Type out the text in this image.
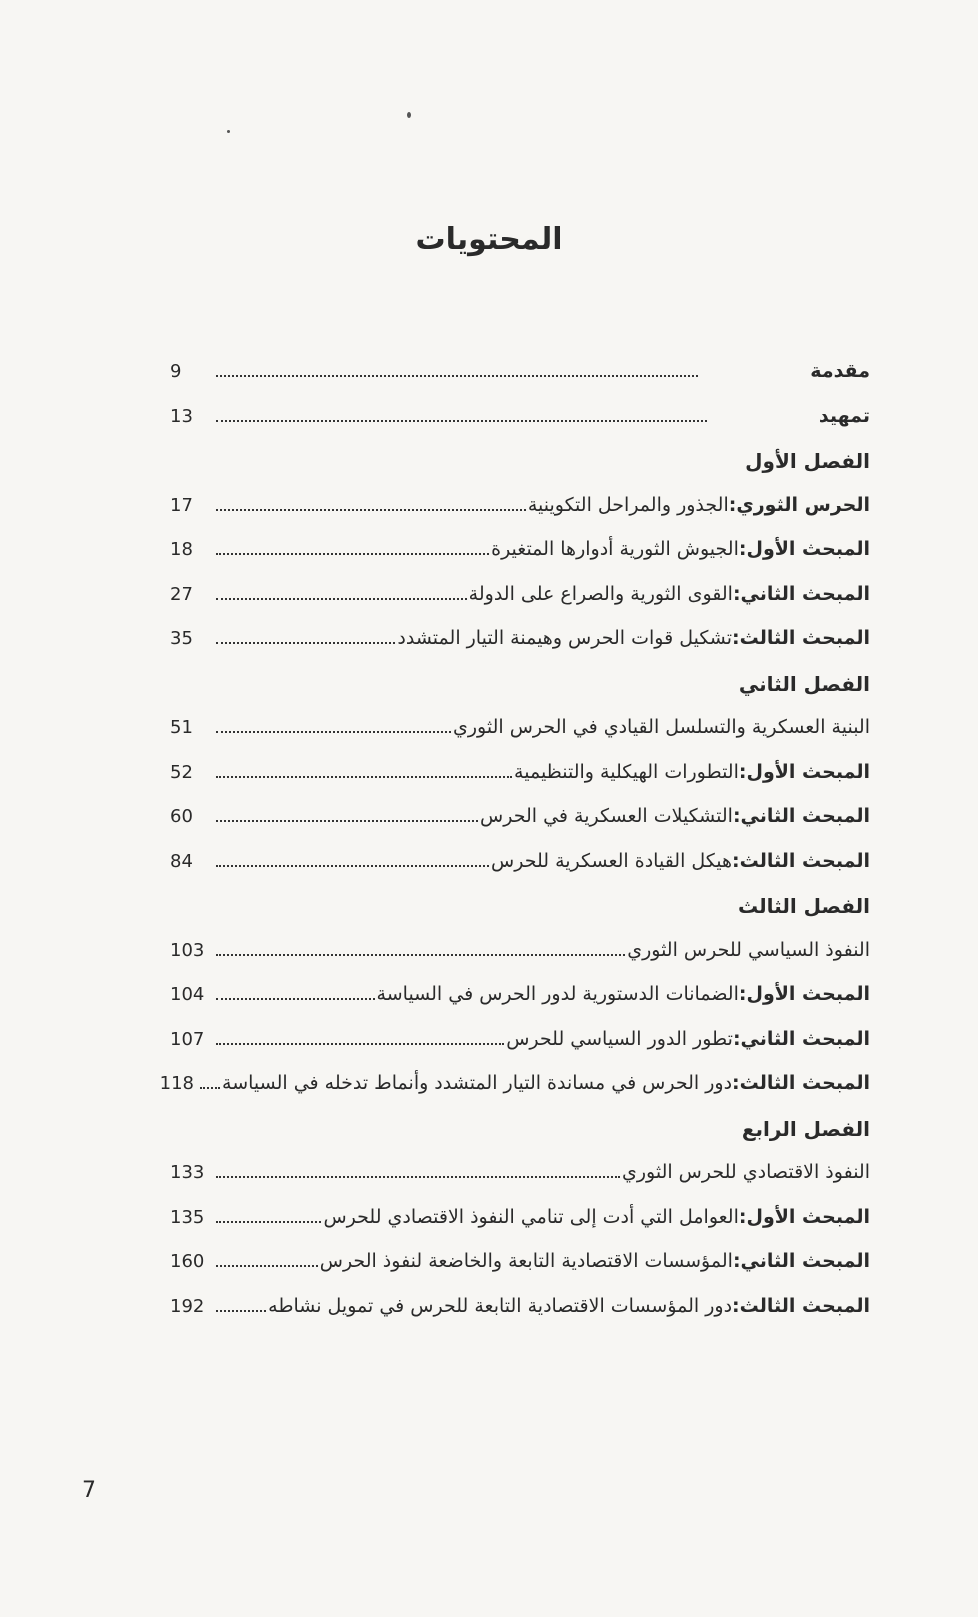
المحتويات
مقدمة
9
تمهيد
13
الفصل الأول
الحرس الثوري:
الجذور والمراحل التكوينية
17
المبحث الأول:
الجيوش الثورية أدوارها المتغيرة
18
المبحث الثاني:
القوى الثورية والصراع على الدولة
27
المبحث الثالث:
تشكيل قوات الحرس وهيمنة التيار المتشدد
35
الفصل الثاني
البنية العسكرية والتسلسل القيادي في الحرس الثوري
51
المبحث الأول:
التطورات الهيكلية والتنظيمية
52
المبحث الثاني:
التشكيلات العسكرية في الحرس
60
المبحث الثالث:
هيكل القيادة العسكرية للحرس
84
الفصل الثالث
النفوذ السياسي للحرس الثوري
103
المبحث الأول:
الضمانات الدستورية لدور الحرس في السياسة
104
المبحث الثاني:
تطور الدور السياسي للحرس
107
المبحث الثالث:
دور الحرس في مساندة التيار المتشدد وأنماط تدخله في السياسة
118
الفصل الرابع
النفوذ الاقتصادي للحرس الثوري
133
المبحث الأول:
العوامل التي أدت إلى تنامي النفوذ الاقتصادي للحرس
135
المبحث الثاني:
المؤسسات الاقتصادية التابعة والخاضعة لنفوذ الحرس
160
المبحث الثالث:
دور المؤسسات الاقتصادية التابعة للحرس في تمويل نشاطه
192
7
